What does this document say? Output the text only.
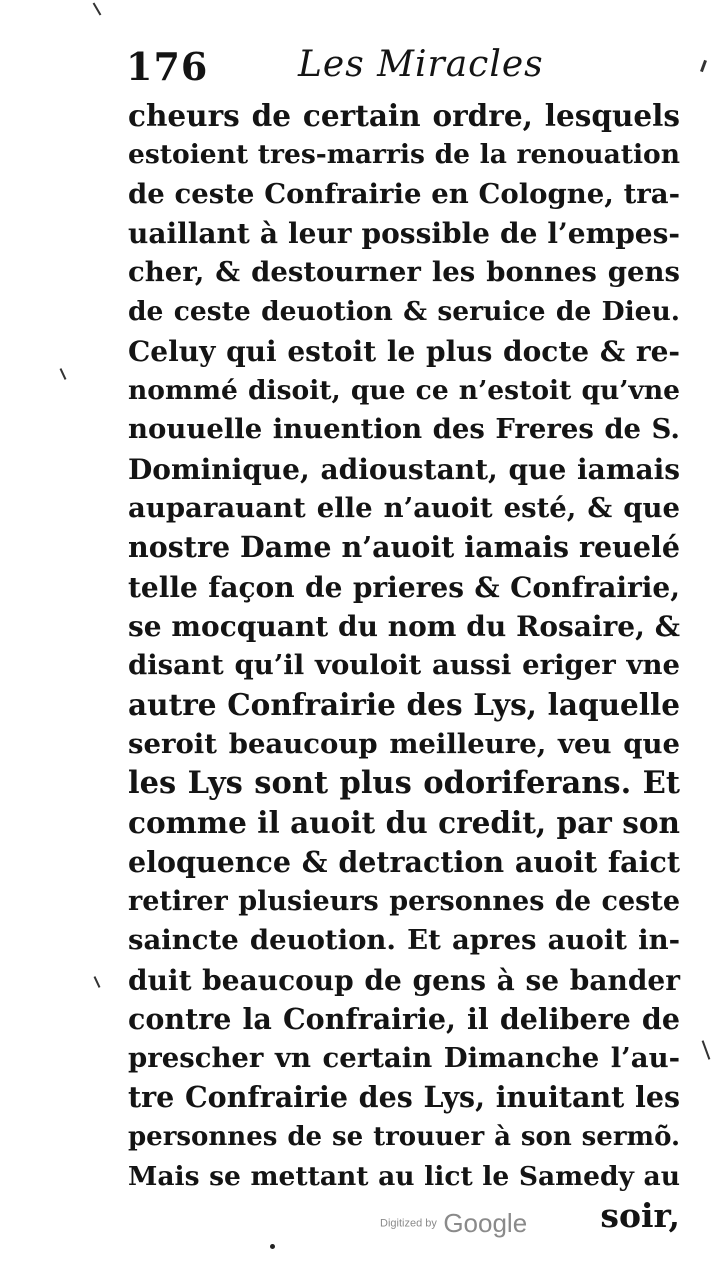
176 Les Miracles
cheurs de certain ordre, lesquels
estoient tres-marris de la renouation
de ceste Confrairie en Cologne, tra-
uaillant à leur possible de l’empes-
cher, & destourner les bonnes gens
de ceste deuotion & seruice de Dieu.
Celuy qui estoit le plus docte & re-
nommé disoit, que ce n’estoit qu’vne
nouuelle inuention des Freres de S.
Dominique, adioustant, que iamais
auparauant elle n’auoit esté, & que
nostre Dame n’auoit iamais reuelé
telle façon de prieres & Confrairie,
se mocquant du nom du Rosaire, &
disant qu’il vouloit aussi eriger vne
autre Confrairie des Lys, laquelle
seroit beaucoup meilleure, veu que
les Lys sont plus odoriferans. Et
comme il auoit du credit, par son
eloquence & detraction auoit faict
retirer plusieurs personnes de ceste
saincte deuotion. Et apres auoit in-
duit beaucoup de gens à se bander
contre la Confrairie, il delibere de
prescher vn certain Dimanche l’au-
tre Confrairie des Lys, inuitant les
personnes de se trouuer à son sermõ.
Mais se mettant au lict le Samedy au
soir,
Digitized by Google
